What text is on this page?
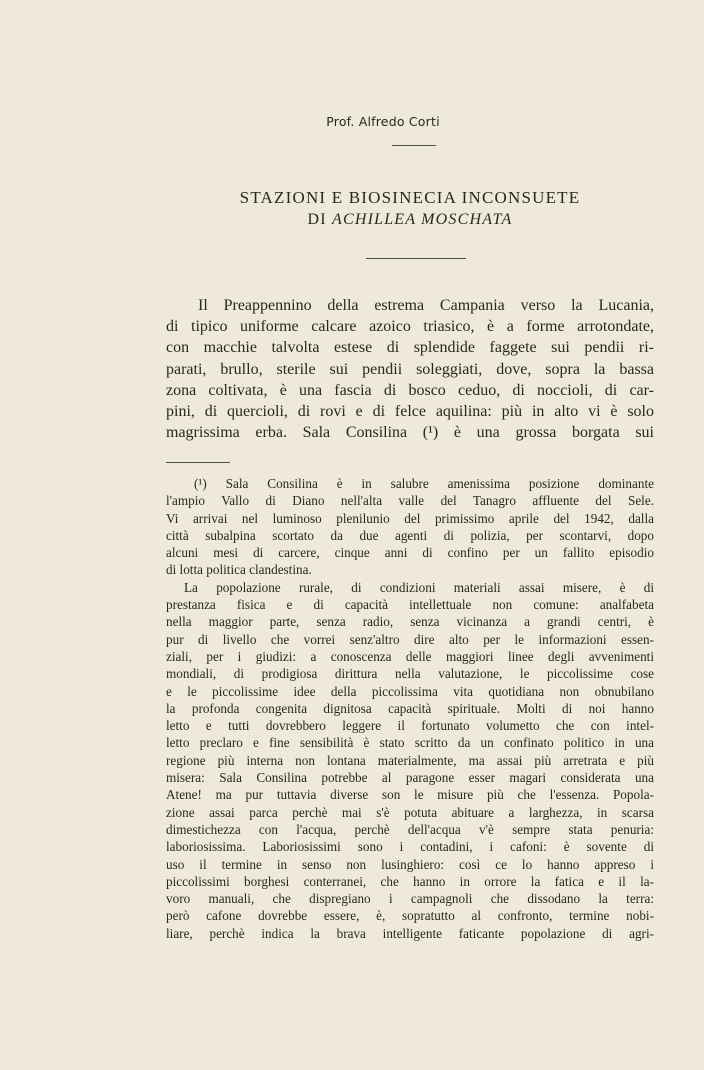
Prof. Alfredo Corti
STAZIONI E BIOSINECIA INCONSUETE
DI ACHILLEA MOSCHATA
Il Preappennino della estrema Campania verso la Lucania,
di tipico uniforme calcare azoico triasico, è a forme arrotondate,
con macchie talvolta estese di splendide faggete sui pendii ri-
parati, brullo, sterile sui pendii soleggiati, dove, sopra la bassa
zona coltivata, è una fascia di bosco ceduo, di noccioli, di car-
pini, di quercioli, di rovi e di felce aquilina: più in alto vi è solo
magrissima erba. Sala Consilina (¹) è una grossa borgata sui
(¹) Sala Consilina è in salubre amenissima posizione dominante
l'ampio Vallo di Diano nell'alta valle del Tanagro affluente del Sele.
Vi arrivai nel luminoso plenilunio del primissimo aprile del 1942, dalla
città subalpina scortato da due agenti di polizia, per scontarvi, dopo
alcuni mesi di carcere, cinque anni di confino per un fallito episodio
di lotta politica clandestina.
La popolazione rurale, di condizioni materiali assai misere, è di
prestanza fisica e di capacità intellettuale non comune: analfabeta
nella maggior parte, senza radio, senza vicinanza a grandi centri, è
pur di livello che vorrei senz'altro dire alto per le informazioni essen-
ziali, per i giudizi: a conoscenza delle maggiori linee degli avvenimenti
mondiali, di prodigiosa dirittura nella valutazione, le piccolissime cose
e le piccolissime idee della piccolissima vita quotidiana non obnubilano
la profonda congenita dignitosa capacità spirituale. Molti di noi hanno
letto e tutti dovrebbero leggere il fortunato volumetto che con intel-
letto preclaro e fine sensibilità è stato scritto da un confinato politico in una
regione più interna non lontana materialmente, ma assai più arretrata e più
misera: Sala Consilina potrebbe al paragone esser magari considerata una
Atene! ma pur tuttavia diverse son le misure più che l'essenza. Popola-
zione assai parca perchè mai s'è potuta abituare a larghezza, in scarsa
dimestichezza con l'acqua, perchè dell'acqua v'è sempre stata penuria:
laboriosissima. Laboriosissimi sono i contadini, i cafoni: è sovente di
uso il termine in senso non lusinghiero: così ce lo hanno appreso i
piccolissimi borghesi conterranei, che hanno in orrore la fatica e il la-
voro manuali, che dispregiano i campagnoli che dissodano la terra:
però cafone dovrebbe essere, è, sopratutto al confronto, termine nobi-
liare, perchè indica la brava intelligente faticante popolazione di agri-
